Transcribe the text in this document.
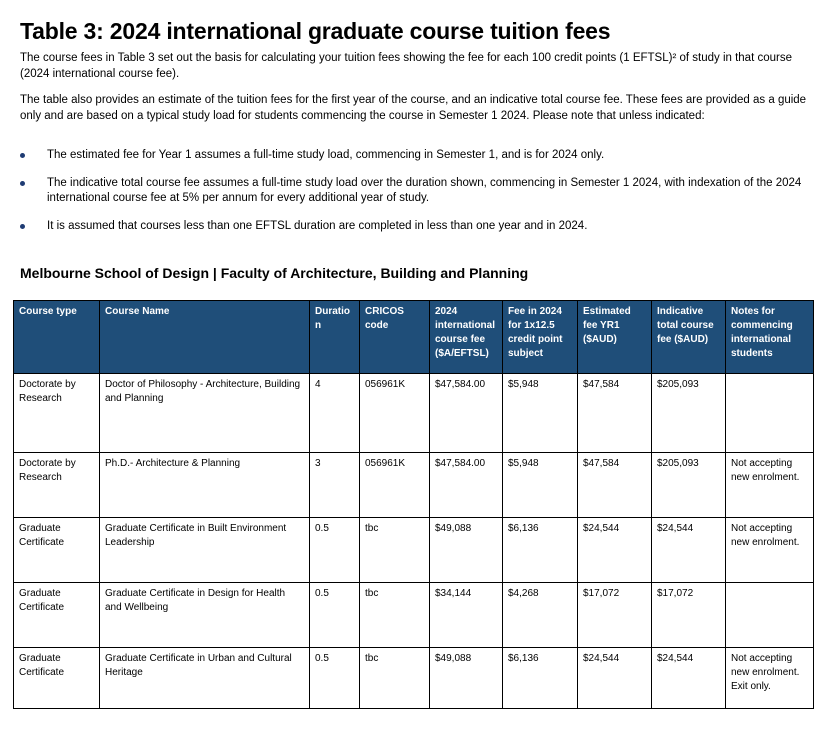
Table 3: 2024 international graduate course tuition fees
The course fees in Table 3 set out the basis for calculating your tuition fees showing the fee for each 100 credit points (1 EFTSL)² of study in that course (2024 international course fee).
The table also provides an estimate of the tuition fees for the first year of the course, and an indicative total course fee. These fees are provided as a guide only and are based on a typical study load for students commencing the course in Semester 1 2024. Please note that unless indicated:
The estimated fee for Year 1 assumes a full-time study load, commencing in Semester 1, and is for 2024 only.
The indicative total course fee assumes a full-time study load over the duration shown, commencing in Semester 1 2024, with indexation of the 2024 international course fee at 5% per annum for every additional year of study.
It is assumed that courses less than one EFTSL duration are completed in less than one year and in 2024.
Melbourne School of Design | Faculty of Architecture, Building and Planning
Course type	Course Name	Duration	CRICOS code	2024 international course fee ($A/EFTSL)	Fee in 2024 for 1x12.5 credit point subject	Estimated fee YR1 ($AUD)	Indicative total course fee ($AUD)	Notes for commencing international students
Doctorate by Research	Doctor of Philosophy - Architecture, Building and Planning	4	056961K	$47,584.00	$5,948	$47,584	$205,093	
Doctorate by Research	Ph.D.- Architecture & Planning	3	056961K	$47,584.00	$5,948	$47,584	$205,093	Not accepting new enrolment.
Graduate Certificate	Graduate Certificate in Built Environment Leadership	0.5	tbc	$49,088	$6,136	$24,544	$24,544	Not accepting new enrolment.
Graduate Certificate	Graduate Certificate in Design for Health and Wellbeing	0.5	tbc	$34,144	$4,268	$17,072	$17,072	
Graduate Certificate	Graduate Certificate in Urban and Cultural Heritage	0.5	tbc	$49,088	$6,136	$24,544	$24,544	Not accepting new enrolment. Exit only.
